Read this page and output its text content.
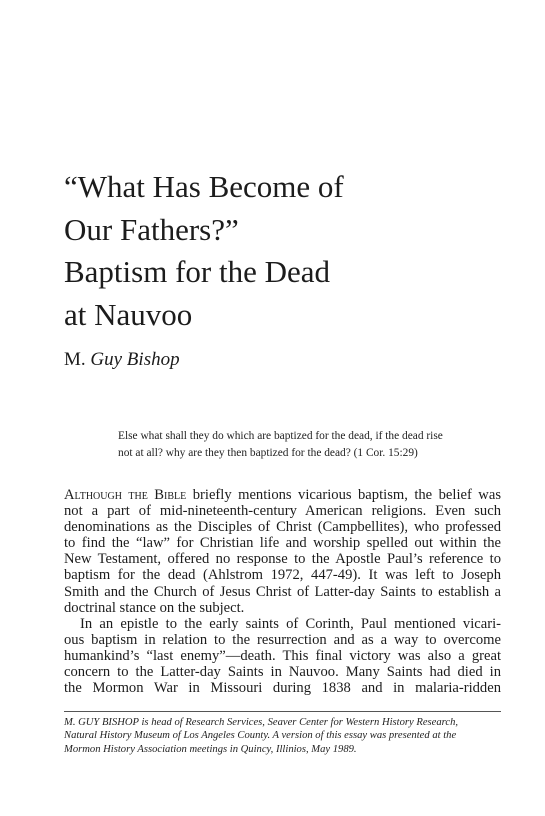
“What Has Become of
Our Fathers?”
Baptism for the Dead
at Nauvoo
M. Guy Bishop
Else what shall they do which are baptized for the dead, if the dead rise
not at all? why are they then baptized for the dead? (1 Cor. 15:29)
Although the Bible briefly mentions vicarious baptism, the belief was
not a part of mid-nineteenth-century American religions. Even such
denominations as the Disciples of Christ (Campbellites), who professed
to find the “law” for Christian life and worship spelled out within the
New Testament, offered no response to the Apostle Paul’s reference to
baptism for the dead (Ahlstrom 1972, 447-49). It was left to Joseph
Smith and the Church of Jesus Christ of Latter-day Saints to establish a
doctrinal stance on the subject.
In an epistle to the early saints of Corinth, Paul mentioned vicari-
ous baptism in relation to the resurrection and as a way to overcome
humankind’s “last enemy”—death. This final victory was also a great
concern to the Latter-day Saints in Nauvoo. Many Saints had died in
the Mormon War in Missouri during 1838 and in malaria-ridden
M. GUY BISHOP is head of Research Services, Seaver Center for Western History Research,
Natural History Museum of Los Angeles County. A version of this essay was presented at the
Mormon History Association meetings in Quincy, Illinios, May 1989.
